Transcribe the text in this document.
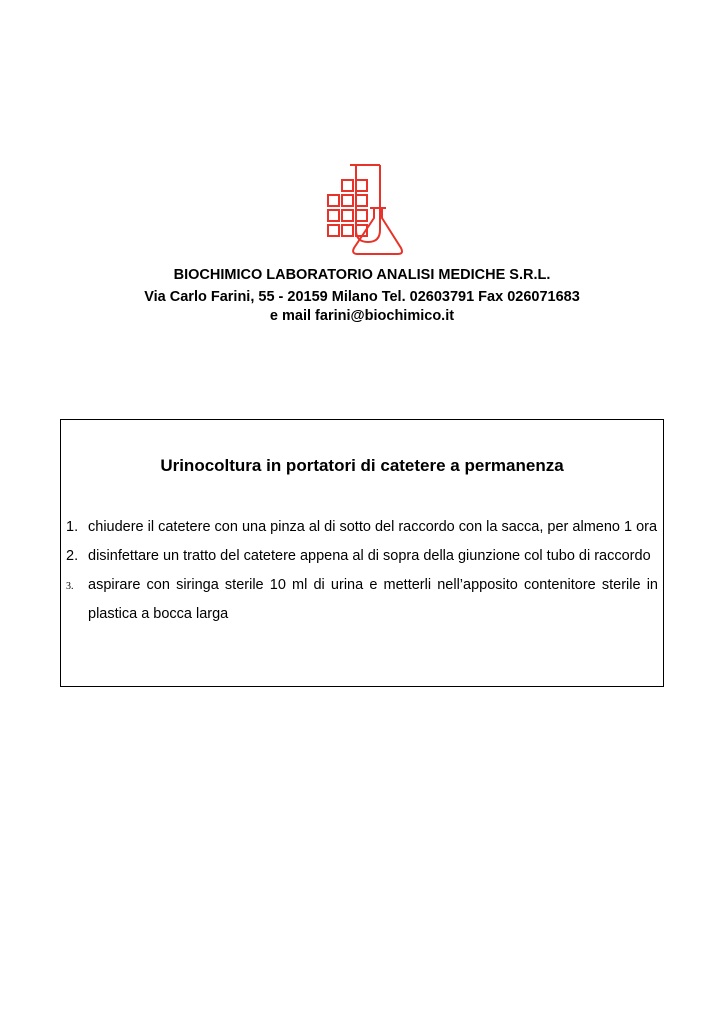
BIOCHIMICO LABORATORIO ANALISI MEDICHE S.R.L.
Via Carlo Farini, 55 - 20159 Milano Tel. 02603791 Fax 026071683
e mail farini@biochimico.it
Urinocoltura in portatori di catetere a permanenza
1. chiudere il catetere con una pinza al di sotto del raccordo con la sacca, per almeno 1 ora
2. disinfettare un tratto del catetere appena al di sopra della giunzione col tubo di raccordo
3. aspirare con siringa sterile 10 ml di urina e metterli nell’apposito contenitore sterile in plastica a bocca larga
